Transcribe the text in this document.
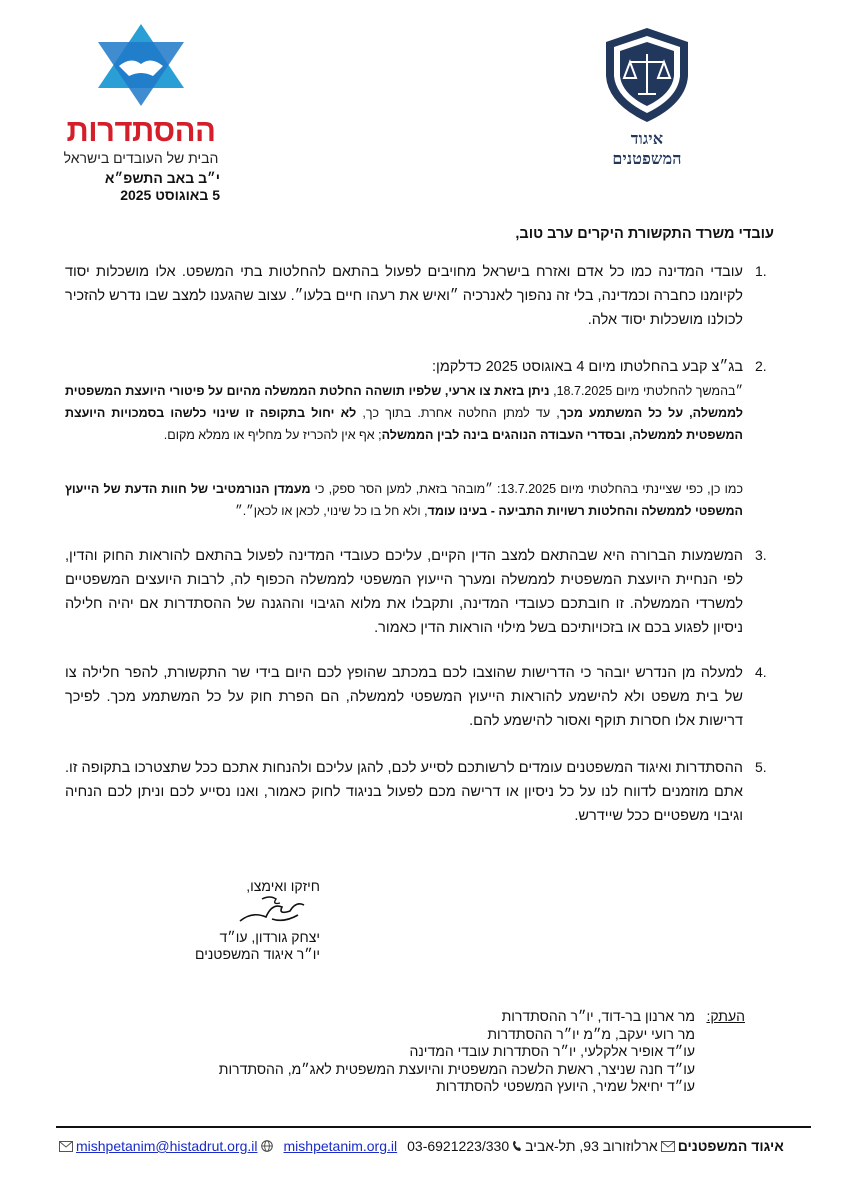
איגוד המשפטנים
ההסתדרות
הבית של העובדים בישראל
י״ב באב התשפ״א
5 באוגוסט 2025
עובדי משרד התקשורת היקרים ערב טוב,
1.
עובדי המדינה כמו כל אדם ואזרח בישראל מחויבים לפעול בהתאם להחלטות בתי המשפט. אלו מושכלות יסוד לקיומנו כחברה וכמדינה, בלי זה נהפוך לאנרכיה ״ואיש את רעהו חיים בלעו״. עצוב שהגענו למצב שבו נדרש להזכיר לכולנו מושכלות יסוד אלה.
2.
בג״צ קבע בהחלטתו מיום 4 באוגוסט 2025 כדלקמן:
״בהמשך להחלטתי מיום 18.7.2025, ניתן בזאת צו ארעי, שלפיו תושהה החלטת הממשלה מהיום על פיטורי היועצת המשפטית לממשלה, על כל המשתמע מכך, עד למתן החלטה אחרת. בתוך כך, לא יחול בתקופה זו שינוי כלשהו בסמכויות היועצת המשפטית לממשלה, ובסדרי העבודה הנוהגים בינה לבין הממשלה; אף אין להכריז על מחליף או ממלא מקום.
כמו כן, כפי שציינתי בהחלטתי מיום 13.7.2025: ״מובהר בזאת, למען הסר ספק, כי מעמדן הנורמטיבי של חוות הדעת של הייעוץ המשפטי לממשלה והחלטות רשויות התביעה - בעינו עומד, ולא חל בו כל שינוי, לכאן או לכאן״.״
3.
המשמעות הברורה היא שבהתאם למצב הדין הקיים, עליכם כעובדי המדינה לפעול בהתאם להוראות החוק והדין, לפי הנחיית היועצת המשפטית לממשלה ומערך הייעוץ המשפטי לממשלה הכפוף לה, לרבות היועצים המשפטיים למשרדי הממשלה. זו חובתכם כעובדי המדינה, ותקבלו את מלוא הגיבוי וההגנה של ההסתדרות אם יהיה חלילה ניסיון לפגוע בכם או בזכויותיכם בשל מילוי הוראות הדין כאמור.
4.
למעלה מן הנדרש יובהר כי הדרישות שהוצבו לכם במכתב שהופץ לכם היום בידי שר התקשורת, להפר חלילה צו של בית משפט ולא להישמע להוראות הייעוץ המשפטי לממשלה, הם הפרת חוק על כל המשתמע מכך. לפיכך דרישות אלו חסרות תוקף ואסור להישמע להם.
5.
ההסתדרות ואיגוד המשפטנים עומדים לרשותכם לסייע לכם, להגן עליכם ולהנחות אתכם ככל שתצטרכו בתקופה זו. אתם מוזמנים לדווח לנו על כל ניסיון או דרישה מכם לפעול בניגוד לחוק כאמור, ואנו נסייע לכם וניתן לכם הנחיה וגיבוי משפטיים ככל שיידרש.
חיזקו ואימצו,
יצחק גורדון, עו״ד
יו״ר איגוד המשפטנים
העתק:
מר ארנון בר-דוד, יו״ר ההסתדרות
מר רועי יעקב, מ״מ יו״ר ההסתדרות
עו״ד אופיר אלקלעי, יו״ר הסתדרות עובדי המדינה
עו״ד חנה שניצר, ראשת הלשכה המשפטית והיועצת המשפטית לאג״מ, ההסתדרות
עו״ד יחיאל שמיר, היועץ המשפטי להסתדרות
mishpetanim@histadrut.org.il mishpetanim.org.il 03-6921223/330 ארלוזורוב 93, תל-אביב איגוד המשפטנים
